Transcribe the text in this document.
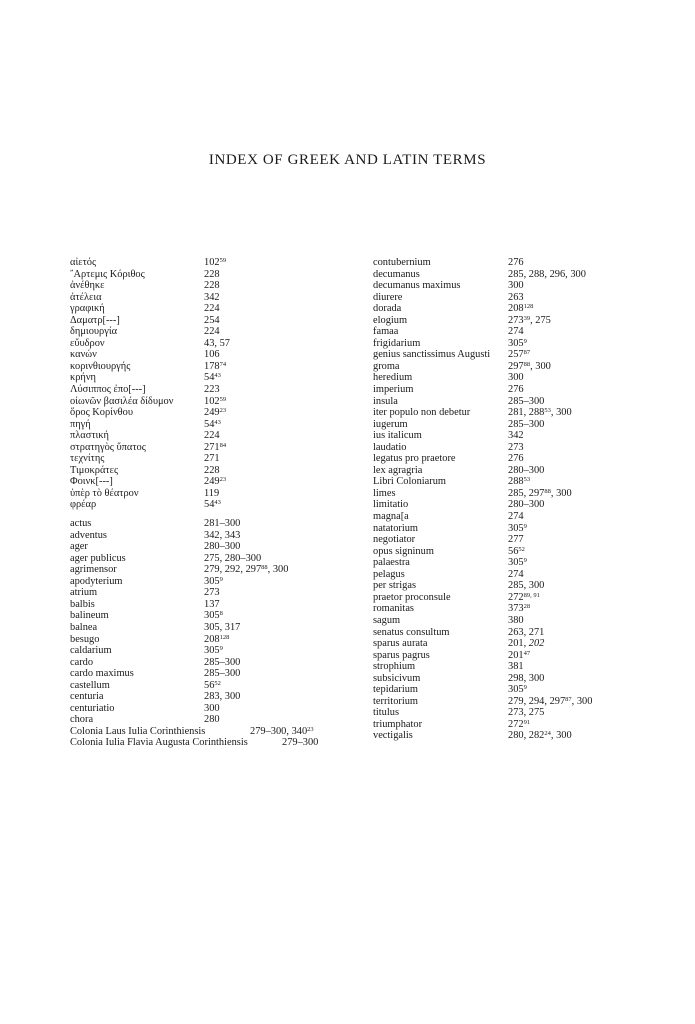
INDEX OF GREEK AND LATIN TERMS
αἰετός	$102^{59}$
῎Αρτεμις Κόριθος	228
ἀνέθηκε	228
ἀτέλεια	342
γραφική	224
Δαματρ[---]	254
δημιουργία	224
εὔυδρον	43, 57
κανών	106
κορινθιουργής	$178^{74}$
κρήνη	$54^{43}$
Λύσιππος ἐπο[---]	223
οἰωνῶν βασιλέα δίδυμον	$102^{59}$
ὅρος Κορίνθου	$249^{23}$
πηγή	$54^{43}$
πλαστική	224
στρατηγὸς ὕπατος	$271^{84}$
τεχνίτης	271
Τιμοκράτες	228
Φοινκ[---]	$249^{23}$
ὑπὲρ τὸ θέατρον	119
φρέαρ	$54^{43}$
actus	281–300
adventus	342, 343
ager	280–300
ager publicus	275, 280–300
agrimensor	279, 292, $297^{88}$, 300
apodyterium	$305^9$
atrium	273
balbis	137
balineum	$305^8$
balnea	305, 317
besugo	$208^{128}$
caldarium	$305^9$
cardo	285–300
cardo maximus	285–300
castellum	$56^{52}$
centuria	283, 300
centuriatio	300
chora	280
Colonia Laus Iulia Corinthiensis	279–300, $340^{23}$
Colonia Iulia Flavia Augusta Corinthiensis	279–300
contubernium	276
decumanus	285, 288, 296, 300
decumanus maximus	300
diurere	263
dorada	$208^{128}$
elogium	$273^{39}$, 275
famaa	274
frigidarium	$305^9$
genius sanctissimus Augusti $257^{87}$
groma	$297^{88}$, 300
heredium	300
imperium	276
insula	285–300
iter populo non debetur	281, $288^{53}$, 300
iugerum	285–300
ius italicum	342
laudatio	273
legatus pro praetore	276
lex agragria	280–300
Libri Coloniarum	$288^{53}$
limes	285, $297^{88}$, 300
limitatio	280–300
magna[a	274
natatorium	$305^9$
negotiator	277
opus signinum	$56^{52}$
palaestra	$305^9$
pelagus	274
per strigas	285, 300
praetor proconsule	272$^{89, 91}$
romanitas	$373^{28}$
sagum	380
senatus consultum	263, 271
sparus aurata	201, 202
sparus pagrus	$201^{47}$
strophium	381
subsicivum	298, 300
tepidarium	$305^9$
territorium	279, 294, $297^{87}$, 300
titulus	273, 275
triumphator	$272^{91}$
vectigalis	280, $282^{24}$, 300
